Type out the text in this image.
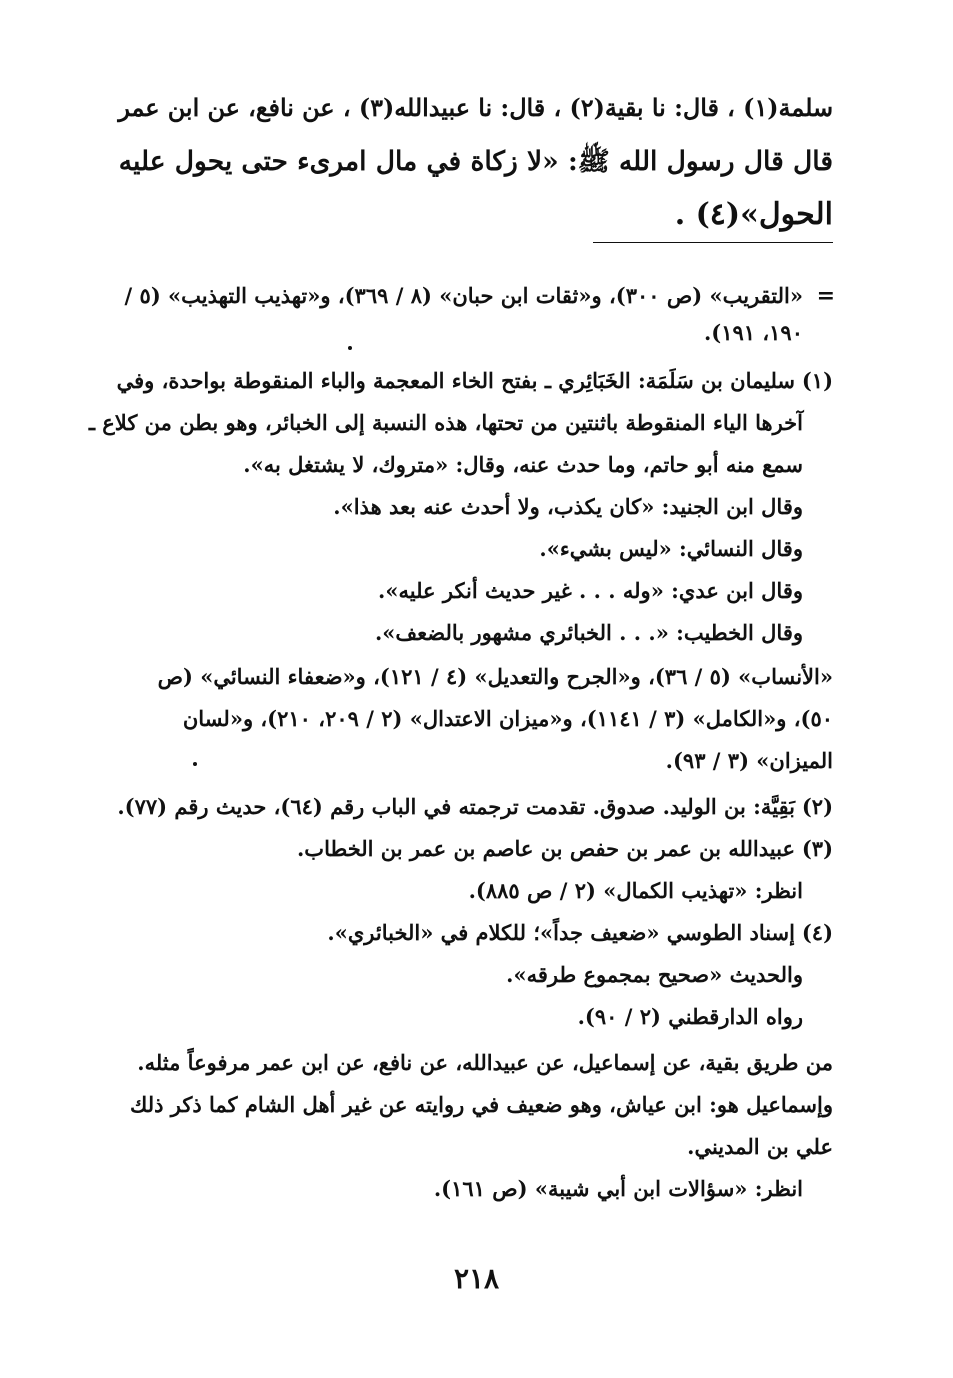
سلمة(١) ، قال: نا بقية(٢) ، قال: نا عبيدالله(٣) ، عن نافع، عن ابن عمر
قال قال رسول الله ﷺ: «لا زكاة في مال امرىء حتى يحول عليه
الحول»(٤) .
=
«التقريب» (ص ٣٠٠)، و«ثقات ابن حبان» (٨ / ٣٦٩)، و«تهذيب التهذيب» (٥ /
١٩٠، ١٩١).
(١)
سليمان بن سَلَمَة: الخَبَائِري ـ بفتح الخاء المعجمة والباء المنقوطة بواحدة، وفي
آخرها الياء المنقوطة باثنتين من تحتها، هذه النسبة إلى الخبائر، وهو بطن من كلاع ـ
سمع منه أبو حاتم، وما حدث عنه، وقال: «متروك، لا يشتغل به».
وقال ابن الجنيد: «كان يكذب، ولا أحدث عنه بعد هذا».
وقال النسائي: «ليس بشيء».
وقال ابن عدي: «وله . . . غير حديث أنكر عليه».
وقال الخطيب: «. . . الخبائري مشهور بالضعف».
«الأنساب» (٥ / ٣٦)، و«الجرح والتعديل» (٤ / ١٢١)، و«ضعفاء النسائي» (ص
٥٠)، و«الكامل» (٣ / ١١٤١)، و«ميزان الاعتدال» (٢ / ٢٠٩، ٢١٠)، و«لسان
الميزان» (٣ / ٩٣).
(٢)
بَقِيَّة: بن الوليد. صدوق. تقدمت ترجمته في الباب رقم (٦٤)، حديث رقم (٧٧).
(٣)
عبيدالله بن عمر بن حفص بن عاصم بن عمر بن الخطاب.
انظر: «تهذيب الكمال» (٢ / ص ٨٨٥).
(٤)
إسناد الطوسي «ضعيف جداً»؛ للكلام في «الخبائري».
والحديث «صحيح بمجموع طرقه».
رواه الدارقطني (٢ / ٩٠).
من طريق بقية، عن إسماعيل، عن عبيدالله، عن نافع، عن ابن عمر مرفوعاً مثله.
وإسماعيل هو: ابن عياش، وهو ضعيف في روايته عن غير أهل الشام كما ذكر ذلك
علي بن المديني.
انظر: «سؤالات ابن أبي شيبة» (ص ١٦١).
٢١٨
